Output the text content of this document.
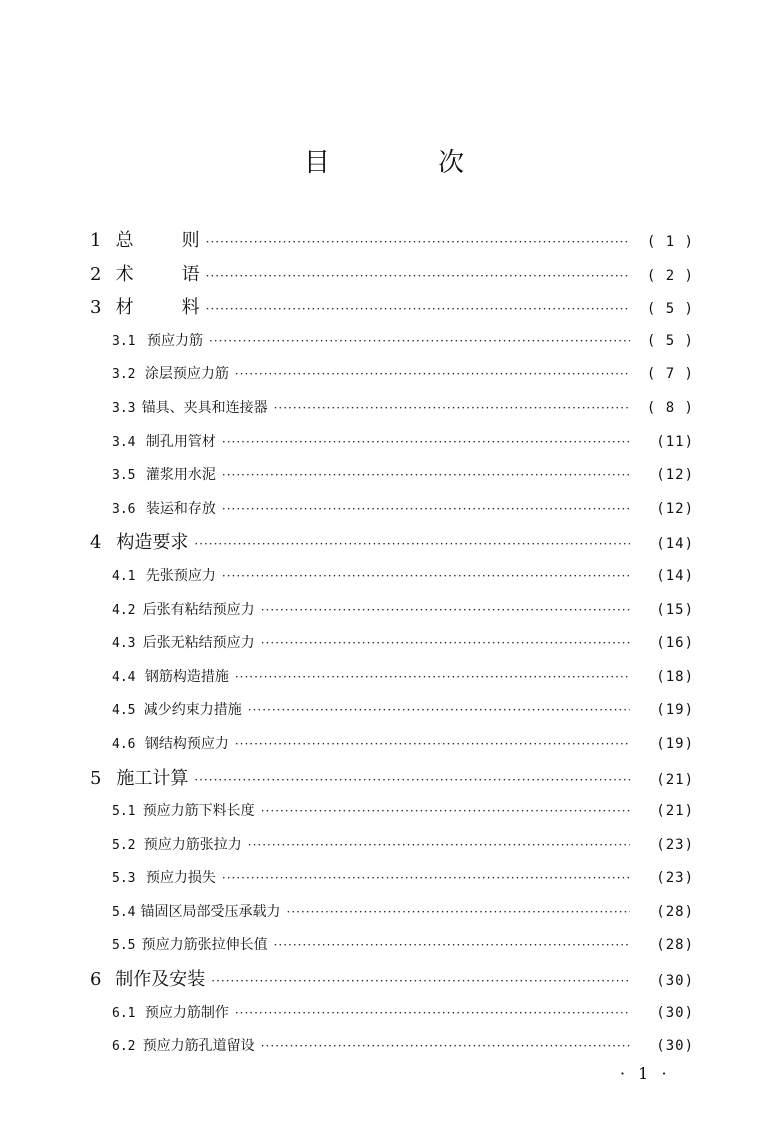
目 次
1 总则 ·····	( 1 )
2 术语 ·····	( 2 )
3 材料 ·····	( 5 )
3.1 预应力筋 ·····	( 5 )
3.2 涂层预应力筋 ·····	( 7 )
3.3 锚具、夹具和连接器 ·····	( 8 )
3.4 制孔用管材 ·····	(11)
3.5 灌浆用水泥 ·····	(12)
3.6 装运和存放 ·····	(12)
4 构造要求 ·····	(14)
4.1 先张预应力 ·····	(14)
4.2 后张有粘结预应力 ·····	(15)
4.3 后张无粘结预应力 ·····	(16)
4.4 钢筋构造措施 ·····	(18)
4.5 减少约束力措施 ·····	(19)
4.6 钢结构预应力 ·····	(19)
5 施工计算 ·····	(21)
5.1 预应力筋下料长度 ·····	(21)
5.2 预应力筋张拉力 ·····	(23)
5.3 预应力损失 ·····	(23)
5.4 锚固区局部受压承载力 ·····	(28)
5.5 预应力筋张拉伸长值 ·····	(28)
6 制作及安装 ·····	(30)
6.1 预应力筋制作 ·····	(30)
6.2 预应力筋孔道留设 ·····	(30)
· 1 ·
